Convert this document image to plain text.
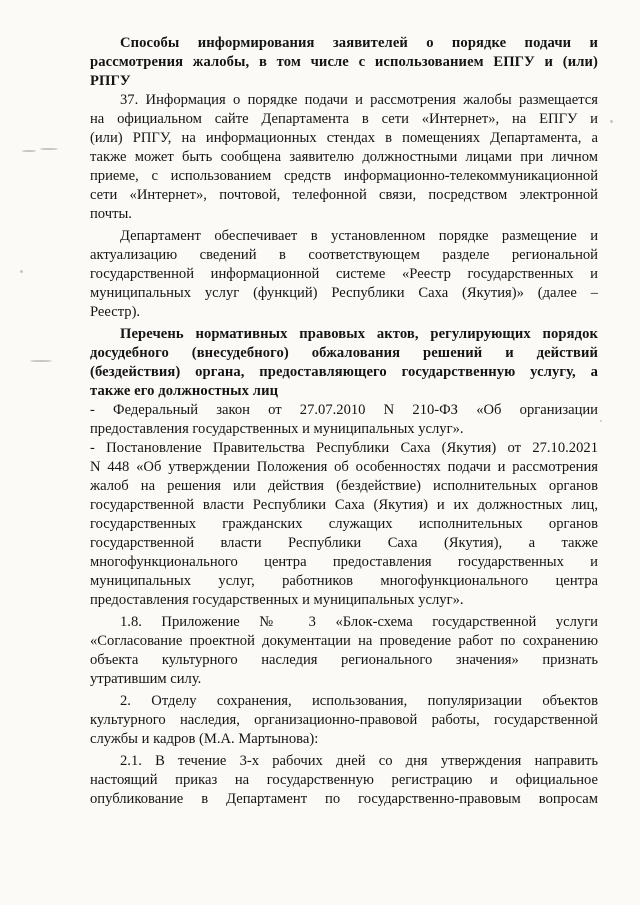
Способы информирования заявителей о порядке подачи и
рассмотрения жалобы, в том числе с использованием ЕПГУ и (или)
РПГУ
37. Информация о порядке подачи и рассмотрения жалобы размещается
на официальном сайте Департамента в сети «Интернет», на ЕПГУ и
(или) РПГУ, на информационных стендах в помещениях Департамента, а
также может быть сообщена заявителю должностными лицами при личном
приеме, с использованием средств информационно-телекоммуникационной
сети «Интернет», почтовой, телефонной связи, посредством электронной
почты.
Департамент обеспечивает в установленном порядке размещение и
актуализацию сведений в соответствующем разделе региональной
государственной информационной системе «Реестр государственных и
муниципальных услуг (функций) Республики Саха (Якутия)» (далее –
Реестр).
Перечень нормативных правовых актов, регулирующих порядок
досудебного (внесудебного) обжалования решений и действий
(бездействия) органа, предоставляющего государственную услугу, а
также его должностных лиц
- Федеральный закон от 27.07.2010 N 210-ФЗ «Об организации
предоставления государственных и муниципальных услуг».
- Постановление Правительства Республики Саха (Якутия) от 27.10.2021
N 448 «Об утверждении Положения об особенностях подачи и рассмотрения
жалоб на решения или действия (бездействие) исполнительных органов
государственной власти Республики Саха (Якутия) и их должностных лиц,
государственных гражданских служащих исполнительных органов
государственной власти Республики Саха (Якутия), а также
многофункционального центра предоставления государственных и
муниципальных услуг, работников многофункционального центра
предоставления государственных и муниципальных услуг».
1.8. Приложение № 3 «Блок-схема государственной услуги
«Согласование проектной документации на проведение работ по сохранению
объекта культурного наследия регионального значения» признать
утратившим силу.
2. Отделу сохранения, использования, популяризации объектов
культурного наследия, организационно-правовой работы, государственной
службы и кадров (М.А. Мартынова):
2.1. В течение 3-х рабочих дней со дня утверждения направить
настоящий приказ на государственную регистрацию и официальное
опубликование в Департамент по государственно-правовым вопросам
